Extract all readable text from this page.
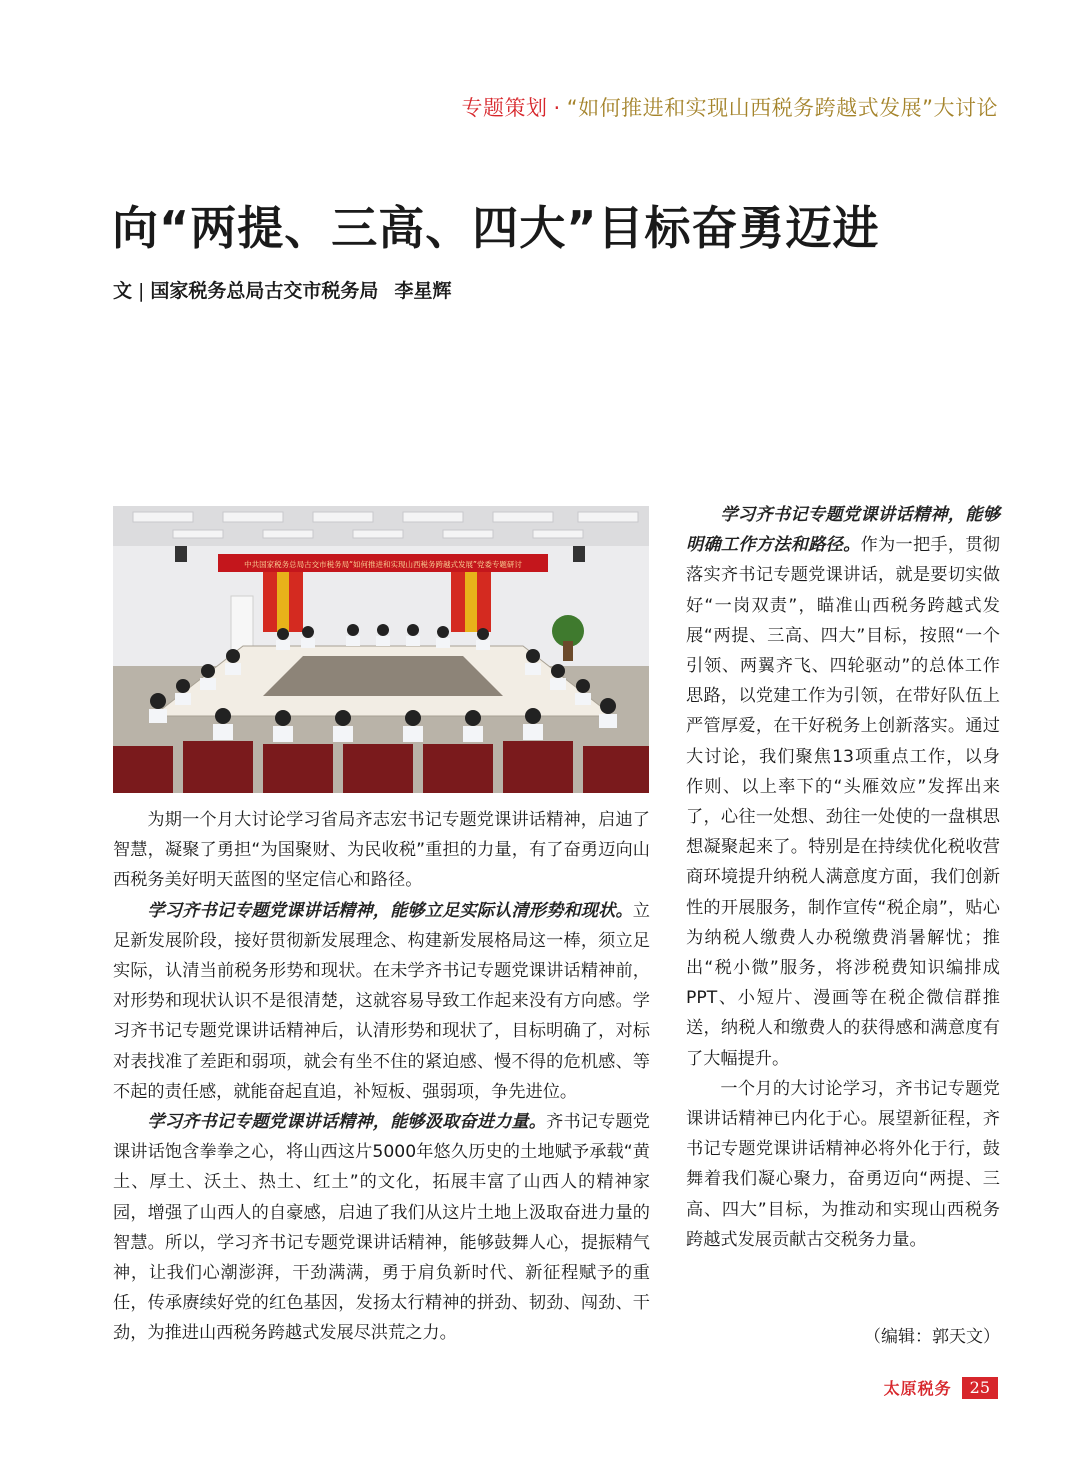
专题策划 · “如何推进和实现山西税务跨越式发展”大讨论
向“两提、三高、四大”目标奋勇迈进
文 | 国家税务总局古交市税务局 李星辉
中共国家税务总局古交市税务局“如何推进和实现山西税务跨越式发展”党委专题研讨

为期一个月大讨论学习省局齐志宏书记专题党课讲话精神，启迪了智慧，凝聚了勇担“为国聚财、为民收税”重担的力量，有了奋勇迈向山西税务美好明天蓝图的坚定信心和路径。

学习齐书记专题党课讲话精神，能够立足实际认清形势和现状。立足新发展阶段，接好贯彻新发展理念、构建新发展格局这一棒，须立足实际，认清当前税务形势和现状。在未学齐书记专题党课讲话精神前，对形势和现状认识不是很清楚，这就容易导致工作起来没有方向感。学习齐书记专题党课讲话精神后，认清形势和现状了，目标明确了，对标对表找准了差距和弱项，就会有坐不住的紧迫感、慢不得的危机感、等不起的责任感，就能奋起直追，补短板、强弱项，争先进位。

学习齐书记专题党课讲话精神，能够汲取奋进力量。齐书记专题党课讲话饱含拳拳之心，将山西这片5000年悠久历史的土地赋予承载“黄土、厚土、沃土、热土、红土”的文化，拓展丰富了山西人的精神家园，增强了山西人的自豪感，启迪了我们从这片土地上汲取奋进力量的智慧。所以，学习齐书记专题党课讲话精神，能够鼓舞人心，提振精气神，让我们心潮澎湃，干劲满满，勇于肩负新时代、新征程赋予的重任，传承赓续好党的红色基因，发扬太行精神的拼劲、韧劲、闯劲、干劲，为推进山西税务跨越式发展尽洪荒之力。

学习齐书记专题党课讲话精神，能够明确工作方法和路径。作为一把手，贯彻落实齐书记专题党课讲话，就是要切实做好“一岗双责”，瞄准山西税务跨越式发展“两提、三高、四大”目标，按照“一个引领、两翼齐飞、四轮驱动”的总体工作思路，以党建工作为引领，在带好队伍上严管厚爱，在干好税务上创新落实。通过大讨论，我们聚焦13项重点工作，以身作则、以上率下的“头雁效应”发挥出来了，心往一处想、劲往一处使的一盘棋思想凝聚起来了。特别是在持续优化税收营商环境提升纳税人满意度方面，我们创新性的开展服务，制作宣传“税企扇”，贴心为纳税人缴费人办税缴费消暑解忧；推出“税小微”服务，将涉税费知识编排成PPT、小短片、漫画等在税企微信群推送，纳税人和缴费人的获得感和满意度有了大幅提升。

一个月的大讨论学习，齐书记专题党课讲话精神已内化于心。展望新征程，齐书记专题党课讲话精神必将外化于行，鼓舞着我们凝心聚力，奋勇迈向“两提、三高、四大”目标，为推动和实现山西税务跨越式发展贡献古交税务力量。

（编辑：郭天文）
太原税务	25
